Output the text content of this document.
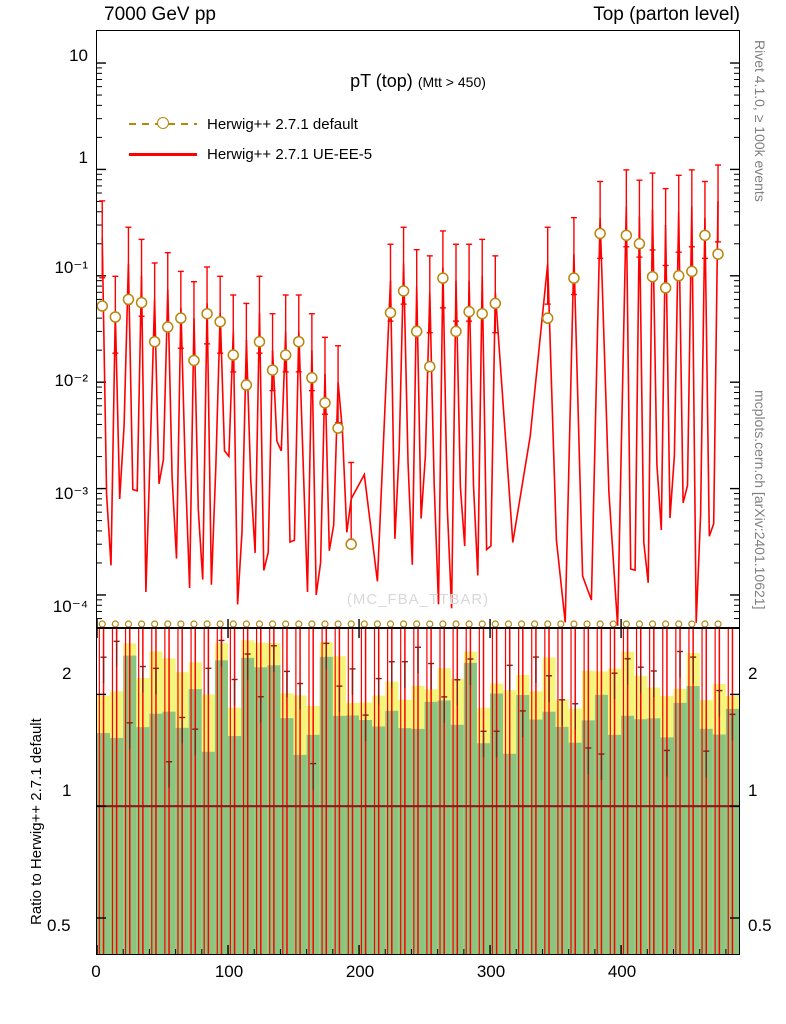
7000 GeV pp	Top (parton level)
Rivet 4.1.0, ≥ 100k events
mcplots.cern.ch [arXiv:2401.10621]
pT (top) (Mtt > 450)
Herwig++ 2.7.1 default
Herwig++ 2.7.1 UE-EE-5
(MC_FBA_TTBAR)
10
1
10⁻¹
10⁻²
10⁻³
10⁻⁴
2
1
0.5
2
1
0.5
Ratio to Herwig++ 2.7.1 default
0	100	200	300	400
